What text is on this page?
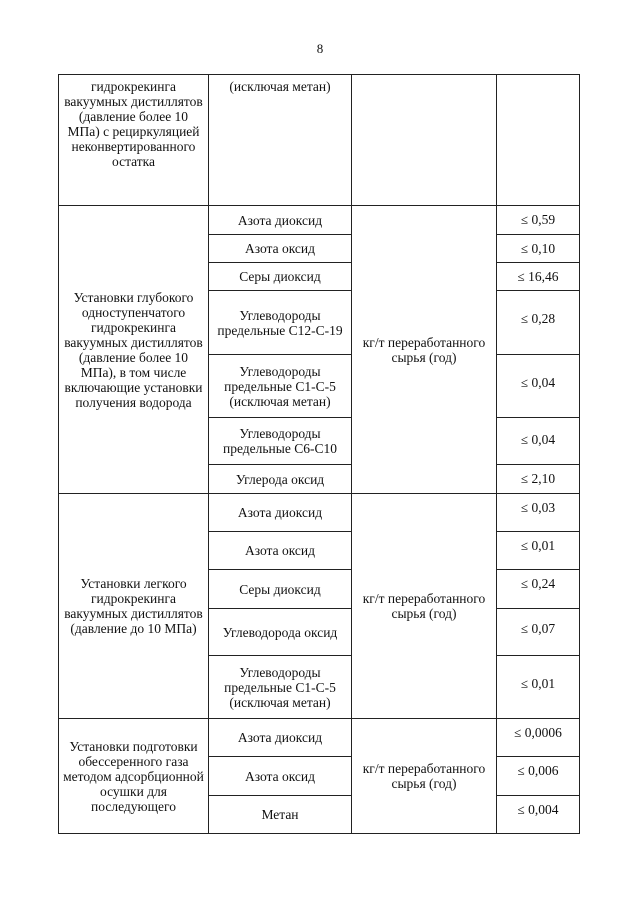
8
гидрокрекинга вакуумных дистиллятов (давление более 10 МПа) с рециркуляцией неконвертированного остатка	(исключая метан)		
Установки глубокого одноступенчатого гидрокрекинга вакуумных дистиллятов (давление более 10 МПа), в том числе включающие установки получения водорода	Азота диоксид	кг/т переработанного сырья (год)	≤ 0,59
	Азота оксид		≤ 0,10
	Серы диоксид		≤ 16,46
	Углеводороды предельные С12-С-19		≤ 0,28
	Углеводороды предельные С1-С-5 (исключая метан)		≤ 0,04
	Углеводороды предельные С6-С10		≤ 0,04
	Углерода оксид		≤ 2,10
Установки легкого гидрокрекинга вакуумных дистиллятов (давление до 10 МПа)	Азота диоксид	кг/т переработанного сырья (год)	≤ 0,03
	Азота оксид		≤ 0,01
	Серы диоксид		≤ 0,24
	Углеводорода оксид		≤ 0,07
	Углеводороды предельные С1-С-5 (исключая метан)		≤ 0,01
Установки подготовки обессеренного газа методом адсорбционной осушки для последующего	Азота диоксид	кг/т переработанного сырья (год)	≤ 0,0006
	Азота оксид		≤ 0,006
	Метан		≤ 0,004
